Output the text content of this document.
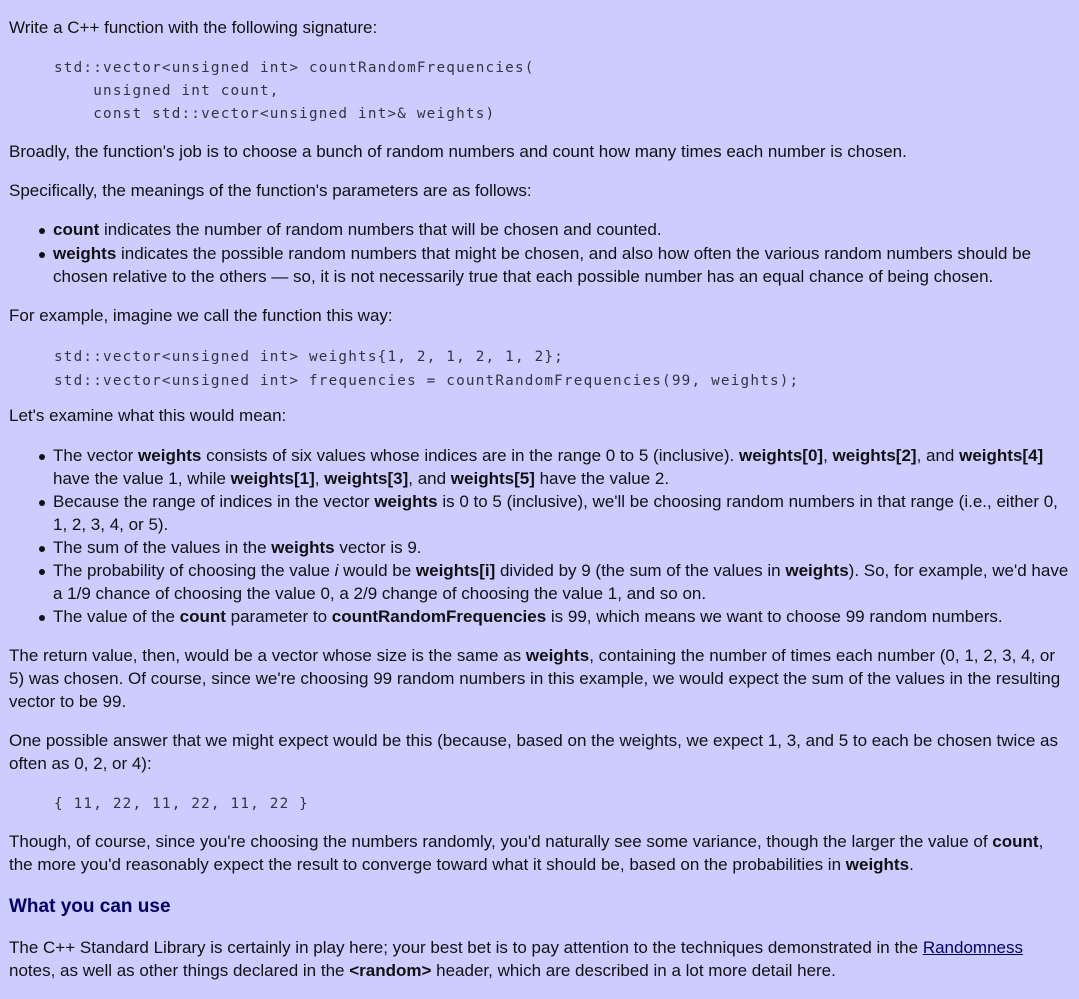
Write a C++ function with the following signature:

std::vector<unsigned int> countRandomFrequencies(
unsigned int count,
const std::vector<unsigned int>& weights)

Broadly, the function's job is to choose a bunch of random numbers and count how many times each number is chosen.

Specifically, the meanings of the function's parameters are as follows:

count indicates the number of random numbers that will be chosen and counted.
weights indicates the possible random numbers that might be chosen, and also how often the various random numbers should be chosen relative to the others — so, it is not necessarily true that each possible number has an equal chance of being chosen.

For example, imagine we call the function this way:

std::vector<unsigned int> weights{1, 2, 1, 2, 1, 2};
std::vector<unsigned int> frequencies = countRandomFrequencies(99, weights);

Let's examine what this would mean:

The vector weights consists of six values whose indices are in the range 0 to 5 (inclusive). weights[0], weights[2], and weights[4] have the value 1, while weights[1], weights[3], and weights[5] have the value 2.
Because the range of indices in the vector weights is 0 to 5 (inclusive), we'll be choosing random numbers in that range (i.e., either 0, 1, 2, 3, 4, or 5).
The sum of the values in the weights vector is 9.
The probability of choosing the value i would be weights[i] divided by 9 (the sum of the values in weights). So, for example, we'd have a 1/9 chance of choosing the value 0, a 2/9 change of choosing the value 1, and so on.
The value of the count parameter to countRandomFrequencies is 99, which means we want to choose 99 random numbers.

The return value, then, would be a vector whose size is the same as weights, containing the number of times each number (0, 1, 2, 3, 4, or 5) was chosen. Of course, since we're choosing 99 random numbers in this example, we would expect the sum of the values in the resulting vector to be 99.

One possible answer that we might expect would be this (because, based on the weights, we expect 1, 3, and 5 to each be chosen twice as often as 0, 2, or 4):

{ 11, 22, 11, 22, 11, 22 }

Though, of course, since you're choosing the numbers randomly, you'd naturally see some variance, though the larger the value of count, the more you'd reasonably expect the result to converge toward what it should be, based on the probabilities in weights.

What you can use

The C++ Standard Library is certainly in play here; your best bet is to pay attention to the techniques demonstrated in the Randomness notes, as well as other things declared in the <random> header, which are described in a lot more detail here.
